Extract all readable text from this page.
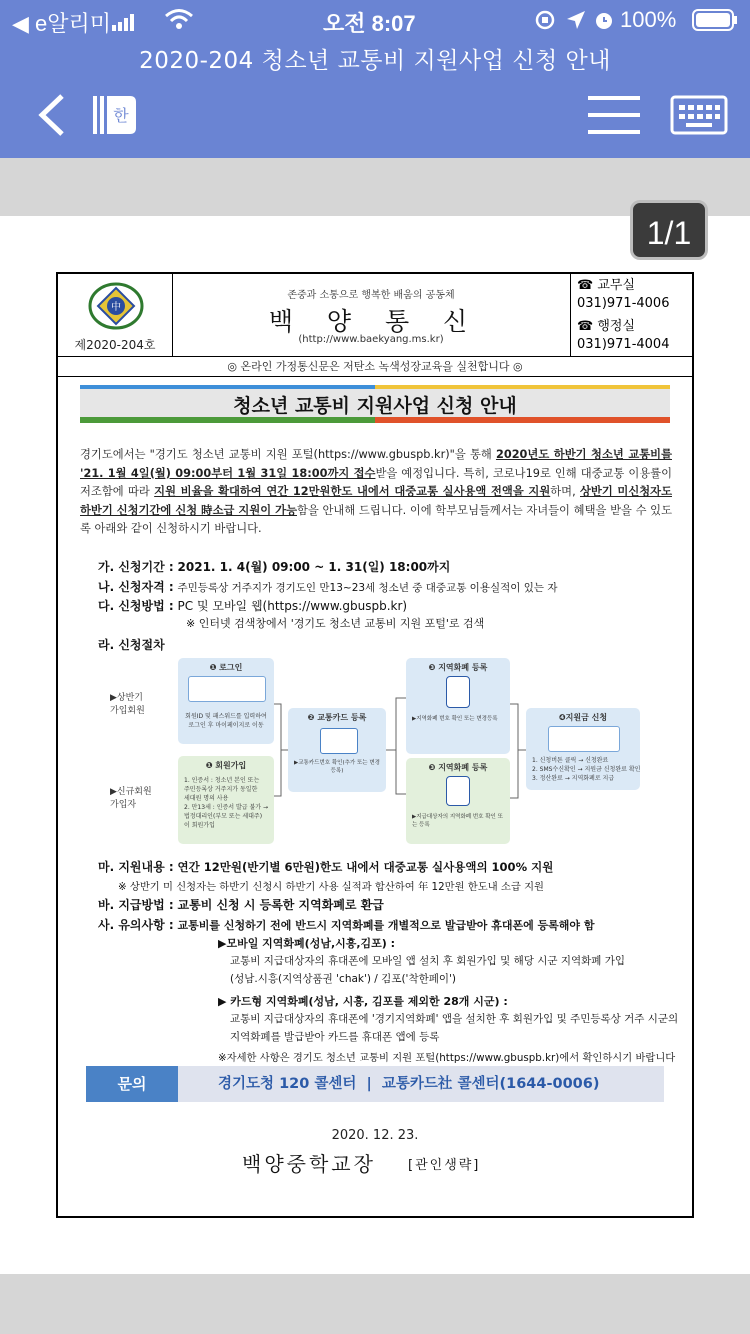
◀ e알리미	오전 8:07	100%
2020-204 청소년 교통비 지원사업 신청 안내
한
1/1
中
제2020-204호
존중과 소통으로 행복한 배움의 공동체
백  양  통  신
(http://www.baekyang.ms.kr)
☎ 교무실
031)971-4006
☎ 행정실
031)971-4004
◎ 온라인 가정통신문은 저탄소 녹색성장교육을 실천합니다 ◎
청소년 교통비 지원사업 신청 안내
경기도에서는 "경기도 청소년 교통비 지원 포털(https://www.gbuspb.kr)"을 통해 2020년도 하반기 청소년 교통비를 '21. 1월 4일(월) 09:00부터 1월 31일 18:00까지 접수받을 예정입니다. 특히, 코로나19로 인해 대중교통 이용률이 저조함에 따라 지원 비율을 확대하여 연간 12만원한도 내에서 대중교통 실사용액 전액을 지원하며, 상반기 미신청자도 하반기 신청기간에 신청 時소급 지원이 가능함을 안내해 드립니다. 이에 학부모님들께서는 자녀들이 혜택을 받을 수 있도록 아래와 같이 신청하시기 바랍니다.
가. 신청기간 : 2021. 1. 4(월) 09:00 ~ 1. 31(일) 18:00까지
나. 신청자격 : 주민등록상 거주지가 경기도인 만13~23세 청소년 중 대중교통 이용실적이 있는 자
다. 신청방법 : PC 및 모바일 웹(https://www.gbuspb.kr)
※ 인터넷 검색창에서 '경기도 청소년 교통비 지원 포털'로 검색
라. 신청절차
▶상반기
가입회원
▶신규회원
가입자
❶ 로그인
회원ID 및 패스워드를 입력하여
로그인 후 마이페이지로 이동
❶ 회원가입
1. 인증서 : 청소년 본인 또는
주민등록상 거주지가 동일한
세대원 명의 사용
2. 만13세 : 인증서 발급 불가 →
법정대리인(부모 또는 세대주)
이 회원가입
❷ 교통카드 등록
▶교통카드번호 확인(추가 또는 변경등록)
❸ 지역화폐 등록
▶지역화폐 번호 확인 또는 변경등록
❸ 지역화폐 등록
▶지급대상자의 지역화폐 번호 확인 또는 등록
❹지원금 신청
1. 신청버튼 클릭 → 신청완료
2. SMS수신확인 → 지원금 신청완료 확인
3. 정산완료 → 지역화폐로 지급
마. 지원내용 : 연간 12만원(반기별 6만원)한도 내에서 대중교통 실사용액의 100% 지원
※ 상반기 미 신청자는 하반기 신청시 하반기 사용 실적과 합산하여 年 12만원 한도내 소급 지원
바. 지급방법 : 교통비 신청 시 등록한 지역화폐로 환급
사. 유의사항 : 교통비를 신청하기 전에 반드시 지역화폐를 개별적으로 발급받아 휴대폰에 등록해야 함
▶모바일 지역화폐(성남,시흥,김포) :
교통비 지급대상자의 휴대폰에 모바일 앱 설치 후 회원가입 및 해당 시군 지역화폐 가입
(성남.시흥(지역상품권 'chak') / 김포('착한페이')
▶ 카드형 지역화폐(성남, 시흥, 김포를 제외한 28개 시군) :
교통비 지급대상자의 휴대폰에 '경기지역화폐' 앱을 설치한 후 회원가입 및 주민등록상 거주 시군의
지역화폐를 발급받아 카드를 휴대폰 앱에 등록
※자세한 사항은 경기도 청소년 교통비 지원 포털(https://www.gbuspb.kr)에서 확인하시기 바랍니다
문의	경기도청 120 콜센터  |  교통카드社 콜센터(1644-0006)
2020. 12. 23.
백양중학교장 [관인생략]
